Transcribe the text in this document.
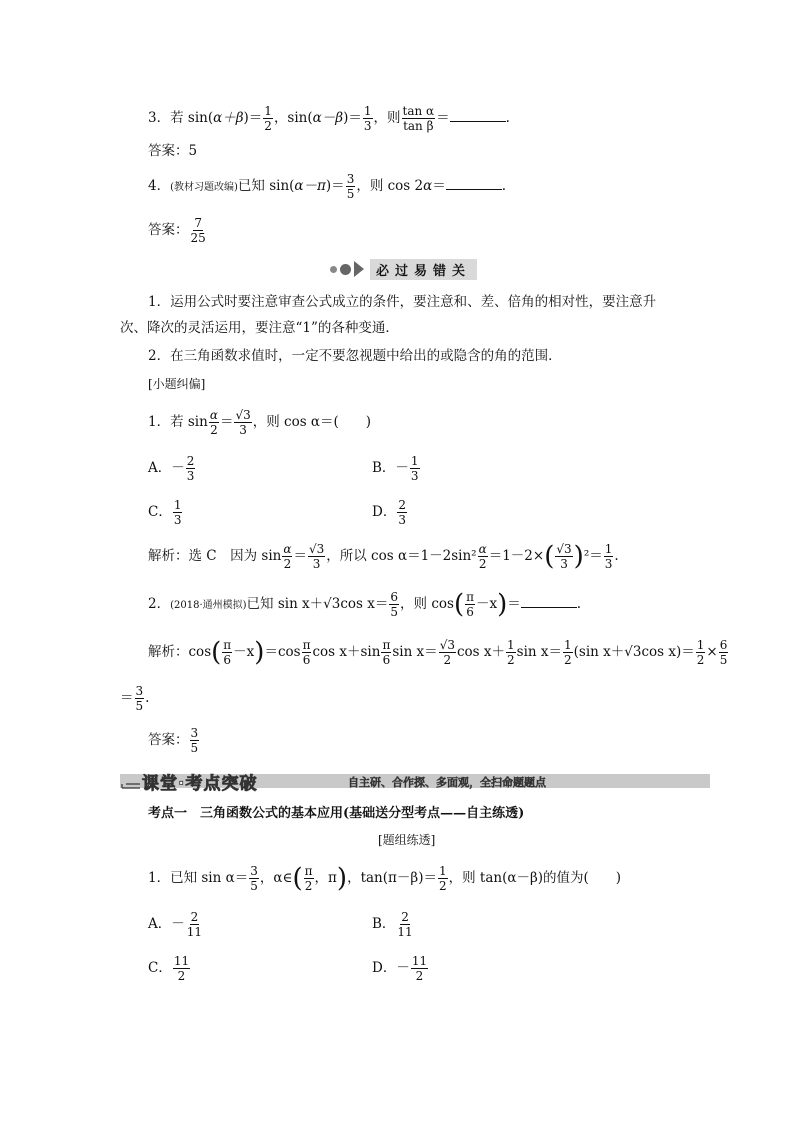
3．若 $\sin(\alpha+\beta)= \frac{1}{2}$ ，$\sin(\alpha-\beta)= \frac{1}{3}$ ，则 $\frac{\text{tan α}}{\text{tan β}}$ ＝	.
答案：5
4．(教材习题改编)已知 $\sin(\alpha-\pi)= \frac{3}{5}$ ，则 cos 2α＝	.
答案： $\frac{7}{25}$
必过易错关
1．运用公式时要注意审查公式成立的条件，要注意和、差、倍角的相对性，要注意升
次、降次的灵活运用，要注意“1”的各种变通．
2．在三角函数求值时，一定不要忽视题中给出的或隐含的角的范围．
[小题纠偏]
1．若 $\sin \frac{\alpha}{2} = \frac{√3}{3}$ ，则 cos α＝(　　)
A．－ $\frac{2}{3}$	B．－ $\frac{1}{3}$
C． $\frac{1}{3}$	D． $\frac{2}{3}$
解析：选 C　因为 $\sin \frac{\alpha}{2} = \frac{√3}{3}$ ，所以 $\cos \alpha=1-2\sin^2 \frac{\alpha}{2} =1-2\times( \frac{√3}{3} )^2= \frac{1}{3}$ .
2．(2018·通州模拟)已知 sin x＋√3cos $x= \frac{6}{5}$ ，则 $\cos( \frac{\pi}{6} -x)=$	.
解析：$\cos( \frac{\pi}{6} -x)=\cos \frac{\pi}{6}$ $\cos x+\sin \frac{\pi}{6}$ $\sin x= \frac{√3}{2}$ $\cos x+ \frac{1}{2}$ $\sin x= \frac{1}{2} (\sin$ x＋√3cos $x)= \frac{1}{2} \times \frac{6}{5}$
＝ $\frac{3}{5}$ .
答案： $\frac{3}{5}$
课堂·考点突破	自主研、合作探、多面观，全扫命题题点
考点一　三角函数公式的基本应用(基础送分型考点——自主练透)
[题组练透]
1．已知 $\sin \alpha= \frac{3}{5}$ ，α∈( $\frac{\pi}{2}$ ，π)，$\tan(\pi-\beta)= \frac{1}{2}$ ，则 tan(α－β)的值为(　　)
A．－ $\frac{2}{11}$	B． $\frac{2}{11}$
C． $\frac{11}{2}$	D．－ $\frac{11}{2}$
